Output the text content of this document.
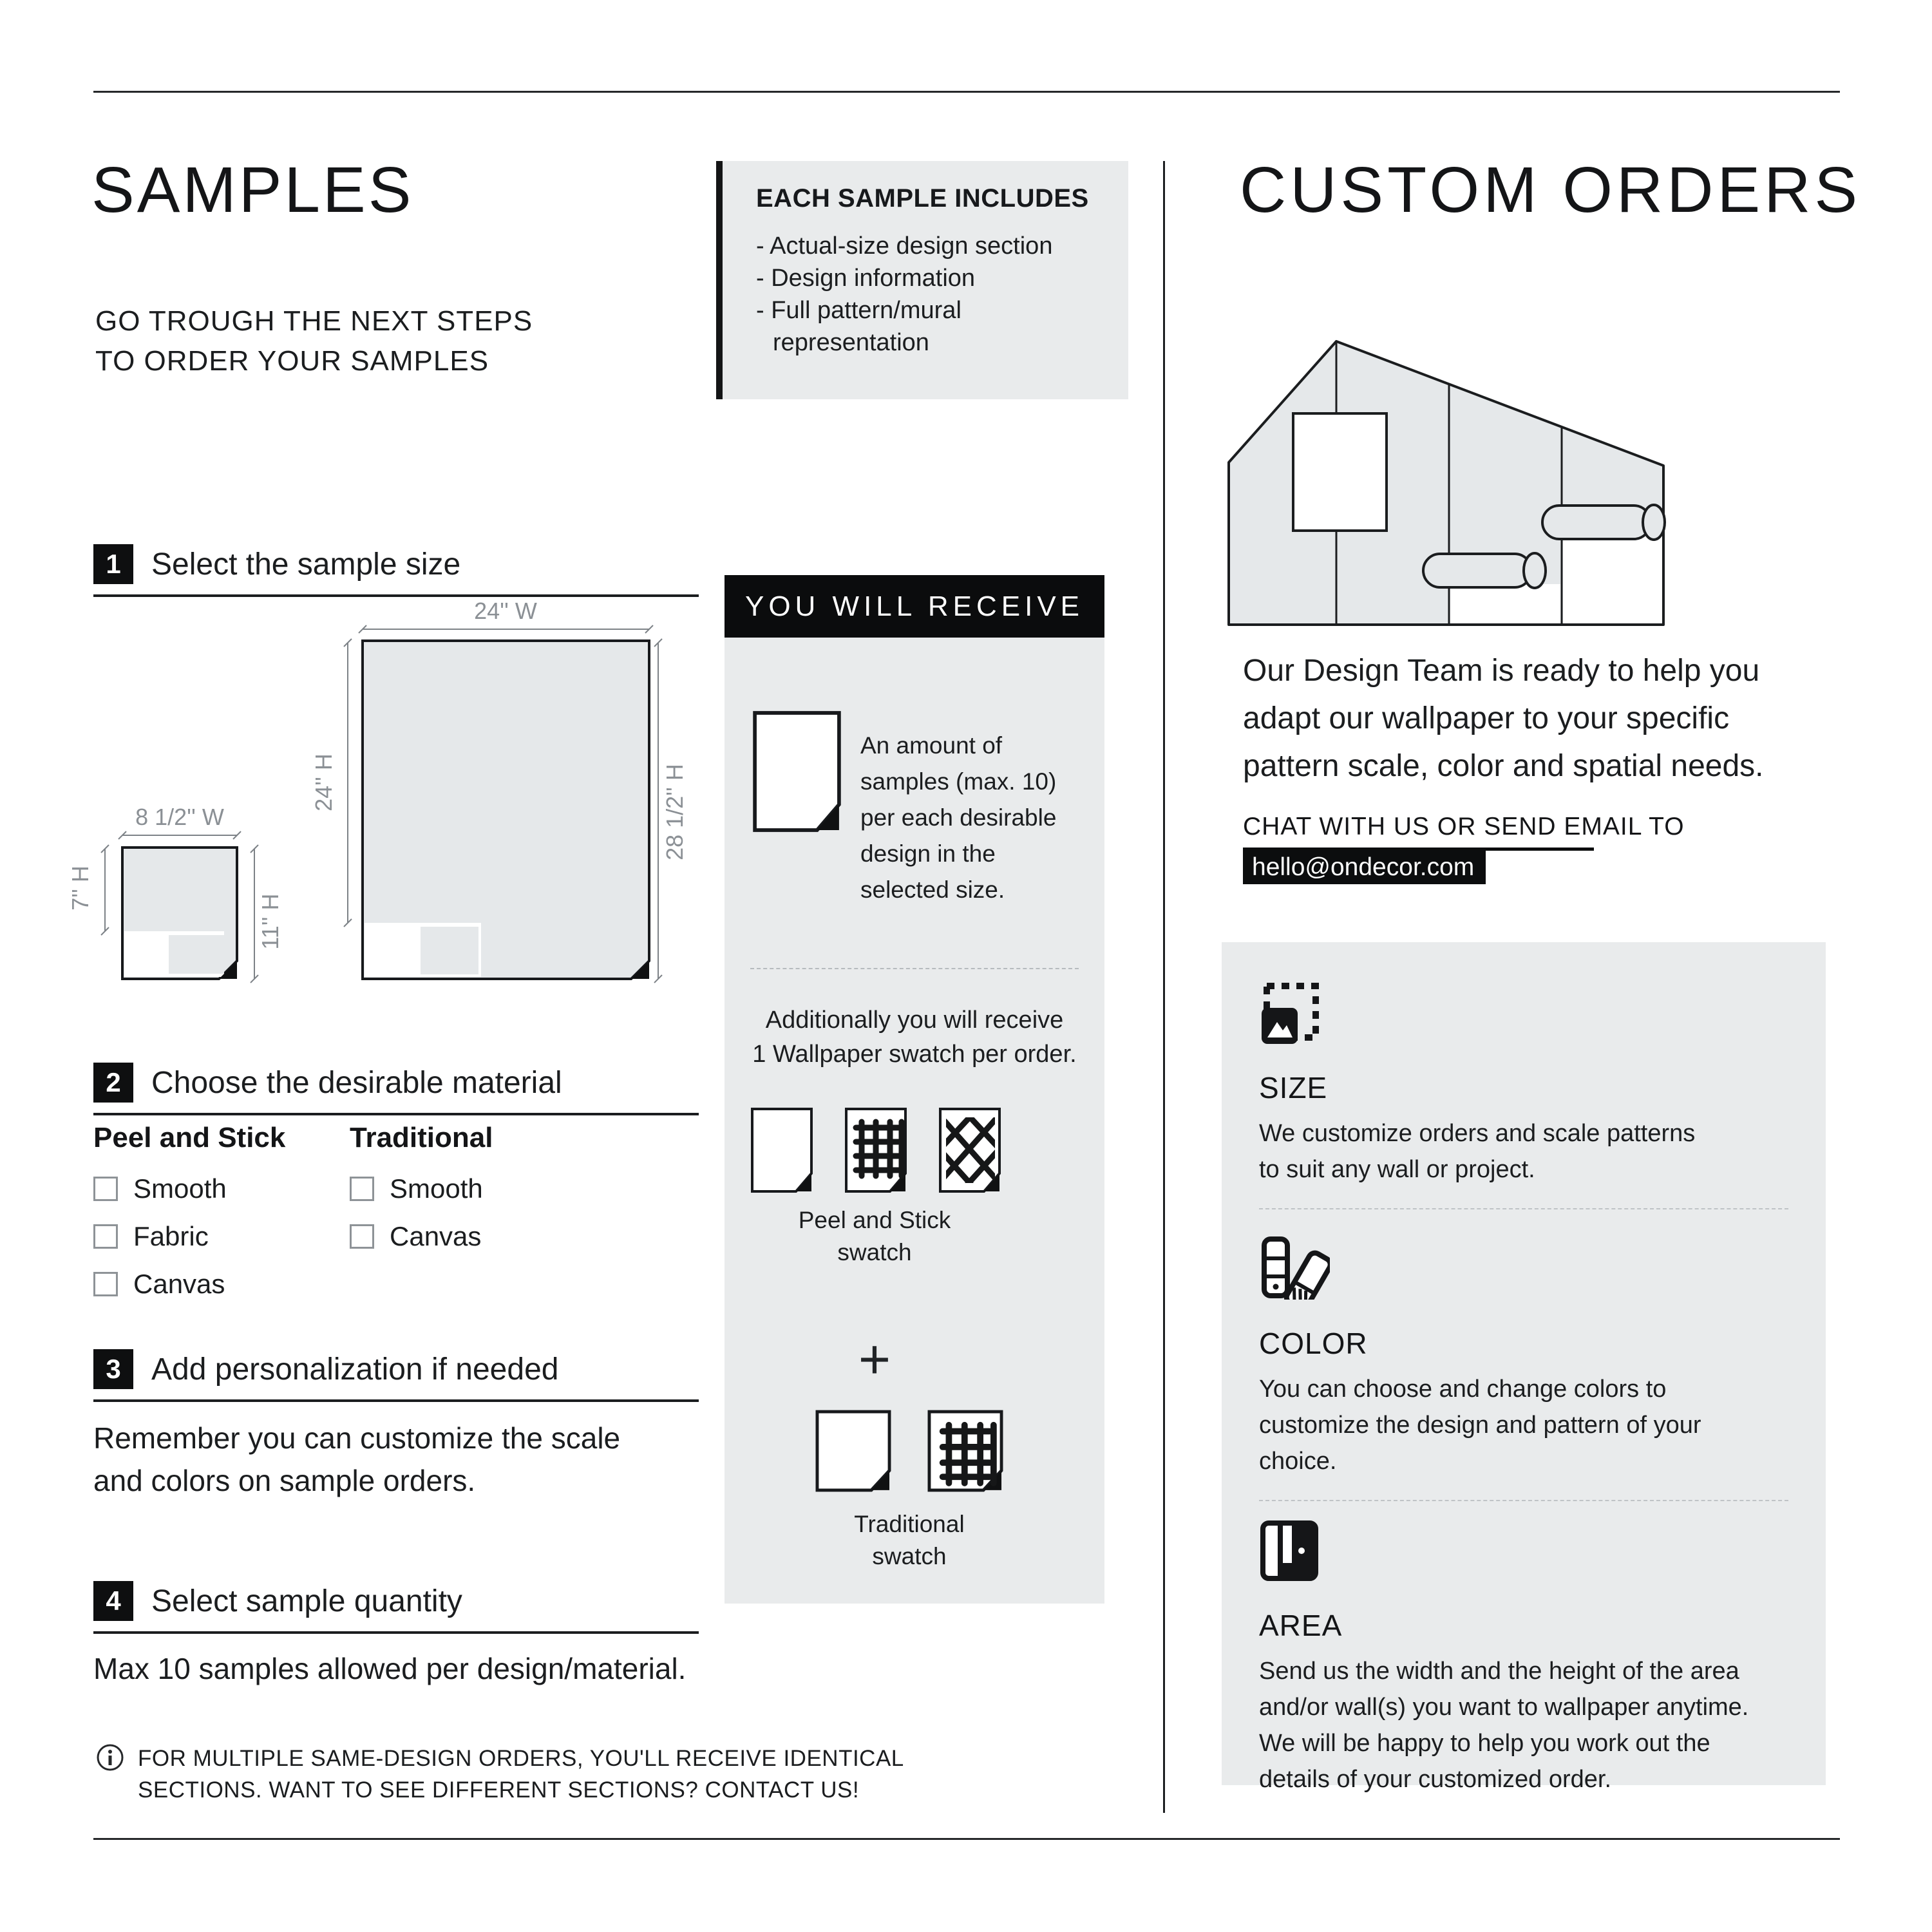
SAMPLES
GO TROUGH THE NEXT STEPS
TO ORDER YOUR SAMPLES
1 Select the sample size
24'' W
24'' H	28 1/2'' H
8 1/2'' W
7'' H
11'' H
2 Choose the desirable material
Peel and Stick
Smooth
Fabric
Canvas
Traditional
Smooth
Canvas
3 Add personalization if needed
Remember you can customize the scale
and colors on sample orders.
4 Select sample quantity
Max 10 samples allowed per design/material.
FOR MULTIPLE SAME-DESIGN ORDERS, YOU'LL RECEIVE IDENTICAL
SECTIONS. WANT TO SEE DIFFERENT SECTIONS? CONTACT US!
EACH SAMPLE INCLUDES
- Actual-size design section
- Design information
- Full pattern/mural
representation
YOU WILL RECEIVE
An amount of
samples (max. 10)
per each desirable
design in the
selected size.
Additionally you will receive
1 Wallpaper swatch per order.
Peel and Stick
swatch
+
Traditional
swatch
CUSTOM ORDERS
Our Design Team is ready to help you
adapt our wallpaper to your specific
pattern scale, color and spatial needs.
CHAT WITH US OR SEND EMAIL TO
hello@ondecor.com
SIZE
We customize orders and scale patterns
to suit any wall or project.
COLOR
You can choose and change colors to
customize the design and pattern of your
choice.
AREA
Send us the width and the height of the area
and/or wall(s) you want to wallpaper anytime.
We will be happy to help you work out the
details of your customized order.
